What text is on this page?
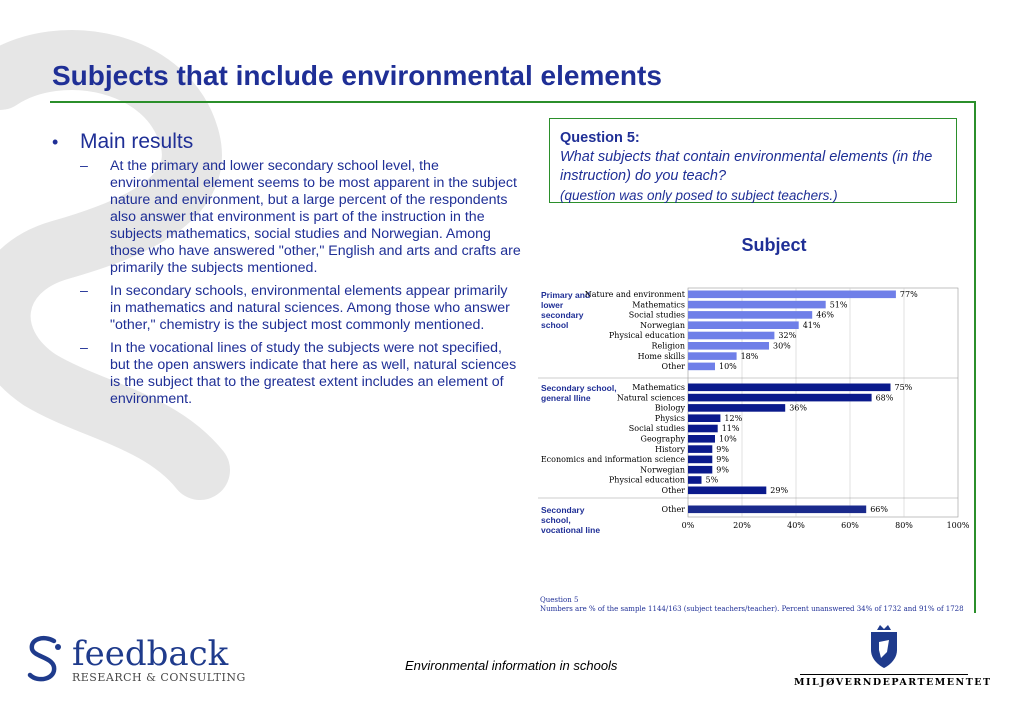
Subjects that include environmental elements
•	Main results
–	At the primary and lower secondary school level, the environmental element seems to be most apparent in the subject nature and environment, but a large percent of the respondents also answer that environment is part of the instruction in the subjects mathematics, social studies and Norwegian. Among those who have answered "other," English and arts and crafts are primarily the subjects mentioned.
–	In secondary schools, environmental elements appear primarily in mathematics and natural sciences. Among those who answer "other," chemistry is the subject most commonly mentioned.
–	In the vocational lines of study the subjects were not specified, but the open answers indicate that here as well, natural sciences is the subject that to the greatest extent includes an element of environment.
Question 5:
What subjects that contain environmental elements (in the instruction) do you teach?
(question was only posed to subject teachers.)
Subject
0%	20%	40%	60%	80%	100%
Primary and
lower
secondary
school
Nature and environment	77%
Mathematics	51%
Social studies	46%
Norwegian	41%
Physical education	32%
Religion	30%
Home skills	18%
Other	10%
Secondary school,
general lline
Mathematics	75%
Natural sciences	68%
Biology	36%
Physics	12%
Social studies	11%
Geography	10%
History	9%
Economics and information science	9%
Norwegian	9%
Physical education	5%
Other	29%
Secondary
school,
vocational line
Other	66%
Question 5
Numbers are % of the sample 1144/163 (subject teachers/teacher). Percent unanswered 34% of 1732 and 91% of 1728
feedback
RESEARCH & CONSULTING
Environmental information in schools
MILJØVERNDEPARTEMENTET
